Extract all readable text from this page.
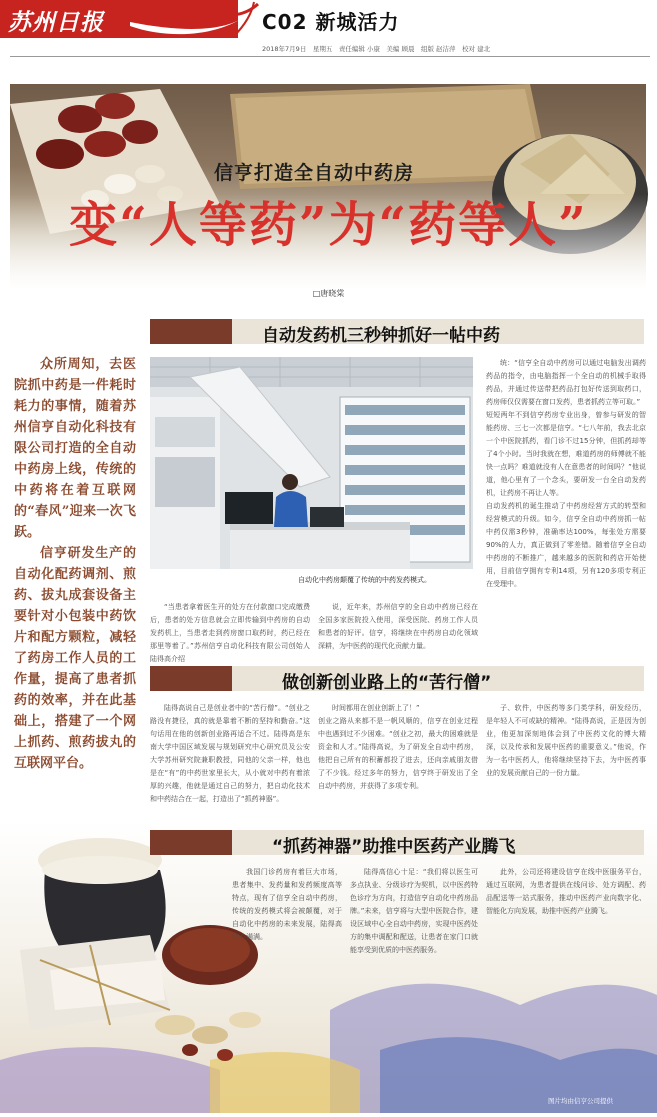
苏州日报	C02 新城活力
2018年7月9日　星期五　责任编辑 小康　美编 顾晨　组版 赵洁萍　校对 建北
信亨打造全自动中药房
变“人等药”为“药等人”
□唐晓棠

众所周知，去医院抓中药是一件耗时耗力的事情，随着苏州信亨自动化科技有限公司打造的全自动中药房上线，传统的中药将在着互联网的“春风”迎来一次飞跃。

信亨研发生产的自动化配药调剂、煎药、拔丸成套设备主要针对小包装中药饮片和配方颗粒，减轻了药房工作人员的工作量，提高了患者抓药的效率，并在此基础上，搭建了一个网上抓药、煎药拔丸的互联网平台。

自动发药机三秒钟抓好一帖中药
自动化中药房颠覆了传统的中药发药模式。

统：“信亨全自动中药房可以通过电脑发出调药药品的指令，由电脑指挥一个全自动的机械手取得药品，并通过传送带把药品打包好传送到取药口，药房师仅仅需要在窗口发药，患者抓药立等可取。”
短短两年不到信亨药房专业出身，曾参与研发的智能药房、三七一次都是信亨。“七八年前，我去北京一个中医院抓药，看门诊不过15分钟，但抓药却等了4个小时。当时我就在想，难道药房的师傅就不能快一点吗？难道就没有人在意患者的时间吗？”他说道，他心里有了一个念头，要研发一台全自动发药机，让药房不再让人等。
自动发药机的诞生推动了中药房经营方式的转型和经营模式的升级。如今，信亨全自动中药房抓一帖中药仅需3秒钟，准确率达100%，每张处方需要90%的人力，真正做到了零差错。随着信亨全自动中药房的不断推广，越来越多的医院和药店开始使用，目前信亨拥有专利14项，另有120多项专利正在受理中。

“当患者拿着医生开的处方在付款窗口完成缴费后，患者的处方信息就会立即传输到中药房的自动发药机上，当患者走到药房窗口取药时，药已经在那里等着了。”苏州信亨自动化科技有限公司创始人陆得高介绍

说，近年来，苏州信亨的全自动中药房已经在全国多家医院投入使用，深受医院、药房工作人员和患者的好评。信亨，将继续在中药房自动化领域深耕，为中医药的现代化贡献力量。

做创新创业路上的“苦行僧”

陆得高说自己是创业者中的“苦行僧”。“创业之路没有捷径，真的就是靠着不断的坚持和勤奋。”这句话用在他的创新创业路再适合不过。陆得高是东南大学中国区域发展与规划研究中心研究员及公安大学苏州研究院兼职教授，同他的父亲一样，他也是在“有”的中药世家里长大，从小就对中药有着浓厚的兴趣，他就是通过自己的努力，把自动化技术和中药结合在一起，打造出了“抓药神器”。

时间都用在创业创新上了！”
创业之路从来都不是一帆风顺的，信亨在创业过程中也遇到过不少困难。“创业之初，最大的困难就是资金和人才。”陆得高说，为了研发全自动中药房，他把自己所有的积蓄都投了进去，还向亲戚朋友借了不少钱。经过多年的努力，信亨终于研发出了全自动中药房，并获得了多项专利。

子、软件，中医药等多门类学科，研发经历，是年轻人不可或缺的精神。“陆得高说，正是因为创业，他更加深刻地体会到了中医药文化的博大精深，以及传承和发展中医药的重要意义。”他说，作为一名中医药人，他将继续坚持下去，为中医药事业的发展贡献自己的一份力量。

“抓药神器”助推中医药产业腾飞

我国门诊药房有着巨大市场，患者集中、发药量和发药频度高等特点，现有了信亨全自动中药房，传统的发药模式将会被颠覆，对于自动化中药房的未来发展，陆得高信心满满。

陆得高信心十足：“我们将以医生可多点执业、分级诊疗为契机，以中医药特色诊疗为方向，打造信亨自动化中药房品牌。”未来，信亨将与大型中医院合作，建设区域中心全自动中药房，实现中医药处方的集中调配和配送，让患者在家门口就能享受到优质的中医药服务。

此外，公司还将建设信亨在线中医服务平台，通过互联网，为患者提供在线问诊、处方调配、药品配送等一站式服务，推动中医药产业向数字化、智能化方向发展，助推中医药产业腾飞。

图片均由信亨公司提供
